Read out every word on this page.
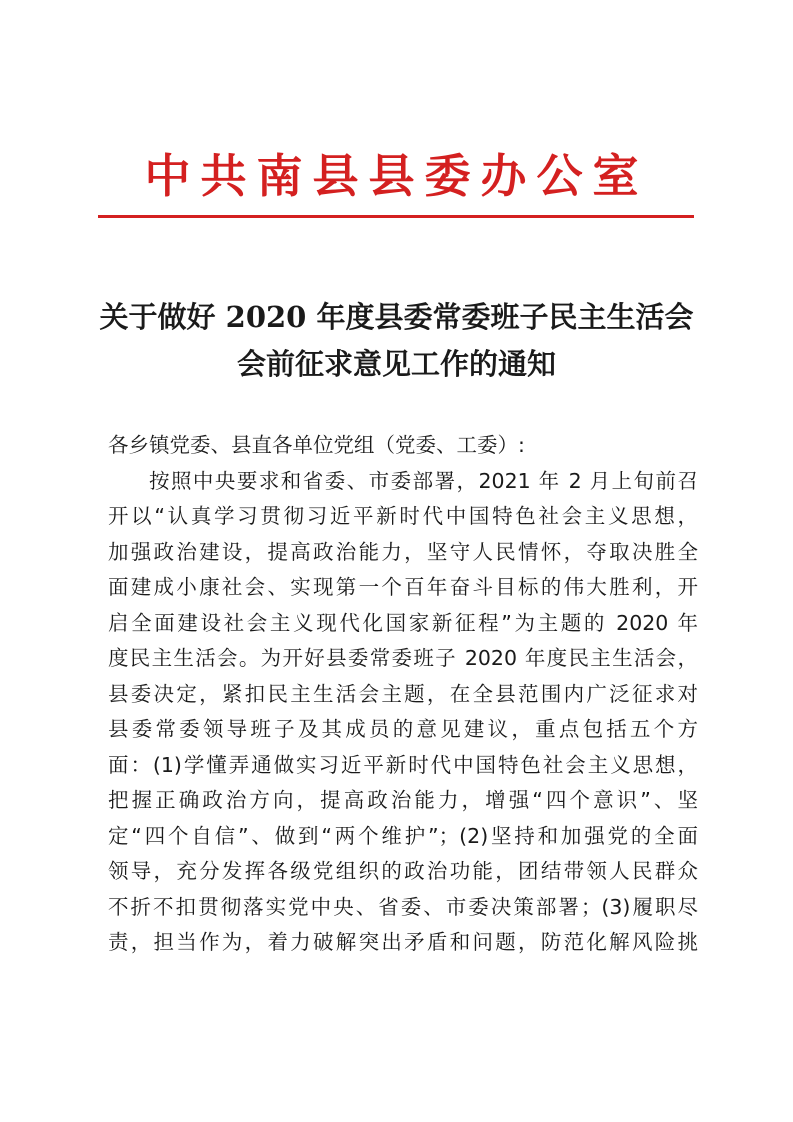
中共南县县委办公室
关于做好 2020 年度县委常委班子民主生活会
会前征求意见工作的通知
各乡镇党委、县直各单位党组（党委、工委）:
按照中央要求和省委、市委部署，2021 年 2 月上旬前召
开以“认真学习贯彻习近平新时代中国特色社会主义思想，
加强政治建设，提高政治能力，坚守人民情怀，夺取决胜全
面建成小康社会、实现第一个百年奋斗目标的伟大胜利，开
启全面建设社会主义现代化国家新征程”为主题的 2020 年
度民主生活会。为开好县委常委班子 2020 年度民主生活会，
县委决定，紧扣民主生活会主题，在全县范围内广泛征求对
县委常委领导班子及其成员的意见建议，重点包括五个方
面：(1)学懂弄通做实习近平新时代中国特色社会主义思想，
把握正确政治方向，提高政治能力，增强“四个意识”、坚
定“四个自信”、做到“两个维护”；(2)坚持和加强党的全面
领导，充分发挥各级党组织的政治功能，团结带领人民群众
不折不扣贯彻落实党中央、省委、市委决策部署；(3)履职尽
责，担当作为，着力破解突出矛盾和问题，防范化解风险挑
